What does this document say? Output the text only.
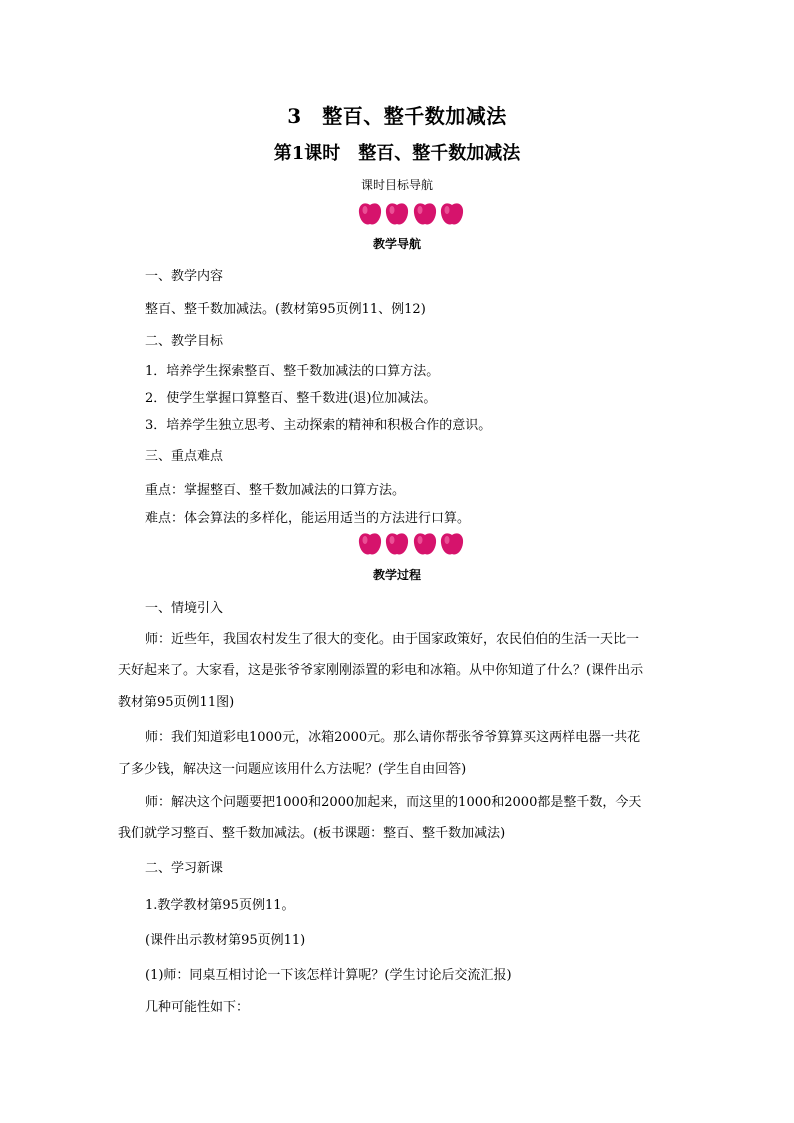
3　整百、整千数加减法
第1课时　整百、整千数加减法
课时目标导航
教学导航
一、教学内容
整百、整千数加减法。(教材第95页例11、例12)
二、教学目标
1．培养学生探索整百、整千数加减法的口算方法。
2．使学生掌握口算整百、整千数进(退)位加减法。
3．培养学生独立思考、主动探索的精神和积极合作的意识。
三、重点难点
重点：掌握整百、整千数加减法的口算方法。
难点：体会算法的多样化，能运用适当的方法进行口算。
教学过程
一、情境引入
师：近些年，我国农村发生了很大的变化。由于国家政策好，农民伯伯的生活一天比一
天好起来了。大家看，这是张爷爷家刚刚添置的彩电和冰箱。从中你知道了什么？(课件出示
教材第95页例11图)
师：我们知道彩电1000元，冰箱2000元。那么请你帮张爷爷算算买这两样电器一共花
了多少钱，解决这一问题应该用什么方法呢？(学生自由回答)
师：解决这个问题要把1000和2000加起来，而这里的1000和2000都是整千数，今天
我们就学习整百、整千数加减法。(板书课题：整百、整千数加减法)
二、学习新课
1.教学教材第95页例11。
(课件出示教材第95页例11)
(1)师：同桌互相讨论一下该怎样计算呢？(学生讨论后交流汇报)
几种可能性如下：
